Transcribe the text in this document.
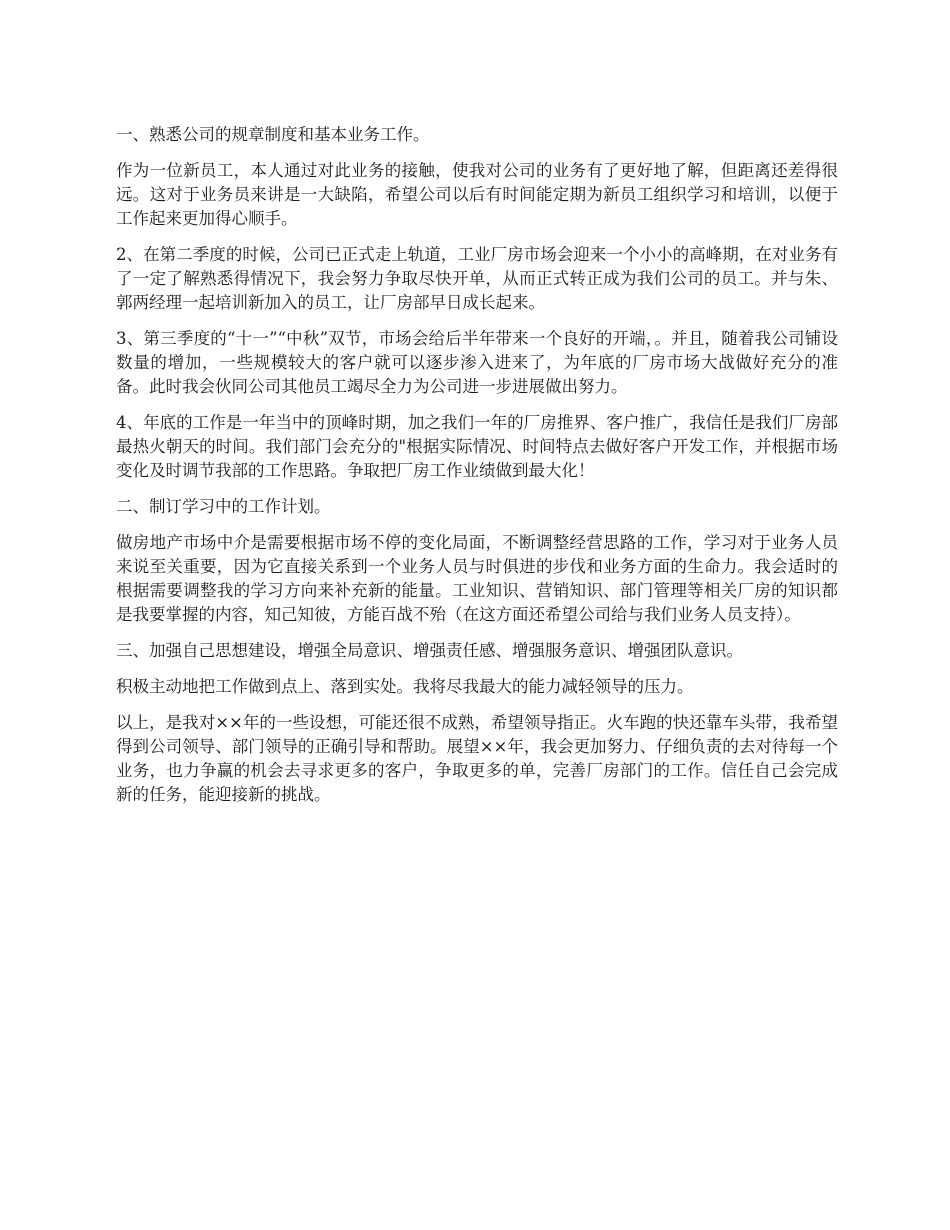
一、熟悉公司的规章制度和基本业务工作。

作为一位新员工，本人通过对此业务的接触，使我对公司的业务有了更好地了解，但距离还差得很远。这对于业务员来讲是一大缺陷，希望公司以后有时间能定期为新员工组织学习和培训，以便于工作起来更加得心顺手。

2、在第二季度的时候，公司已正式走上轨道，工业厂房市场会迎来一个小小的高峰期，在对业务有了一定了解熟悉得情况下，我会努力争取尽快开单，从而正式转正成为我们公司的员工。并与朱、郭两经理一起培训新加入的员工，让厂房部早日成长起来。

3、第三季度的“十一”“中秋”双节，市场会给后半年带来一个良好的开端，。并且，随着我公司铺设数量的增加，一些规模较大的客户就可以逐步渗入进来了，为年底的厂房市场大战做好充分的准备。此时我会伙同公司其他员工竭尽全力为公司进一步进展做出努力。

4、年底的工作是一年当中的顶峰时期，加之我们一年的厂房推界、客户推广，我信任是我们厂房部最热火朝天的时间。我们部门会充分的"根据实际情况、时间特点去做好客户开发工作，并根据市场变化及时调节我部的工作思路。争取把厂房工作业绩做到最大化！

二、制订学习中的工作计划。

做房地产市场中介是需要根据市场不停的变化局面，不断调整经营思路的工作，学习对于业务人员来说至关重要，因为它直接关系到一个业务人员与时俱进的步伐和业务方面的生命力。我会适时的根据需要调整我的学习方向来补充新的能量。工业知识、营销知识、部门管理等相关厂房的知识都是我要掌握的内容，知己知彼，方能百战不殆（在这方面还希望公司给与我们业务人员支持）。

三、加强自己思想建设，增强全局意识、增强责任感、增强服务意识、增强团队意识。

积极主动地把工作做到点上、落到实处。我将尽我最大的能力减轻领导的压力。

以上，是我对××年的一些设想，可能还很不成熟，希望领导指正。火车跑的快还靠车头带，我希望得到公司领导、部门领导的正确引导和帮助。展望××年，我会更加努力、仔细负责的去对待每一个业务，也力争赢的机会去寻求更多的客户，争取更多的单，完善厂房部门的工作。信任自己会完成新的任务，能迎接新的挑战。
